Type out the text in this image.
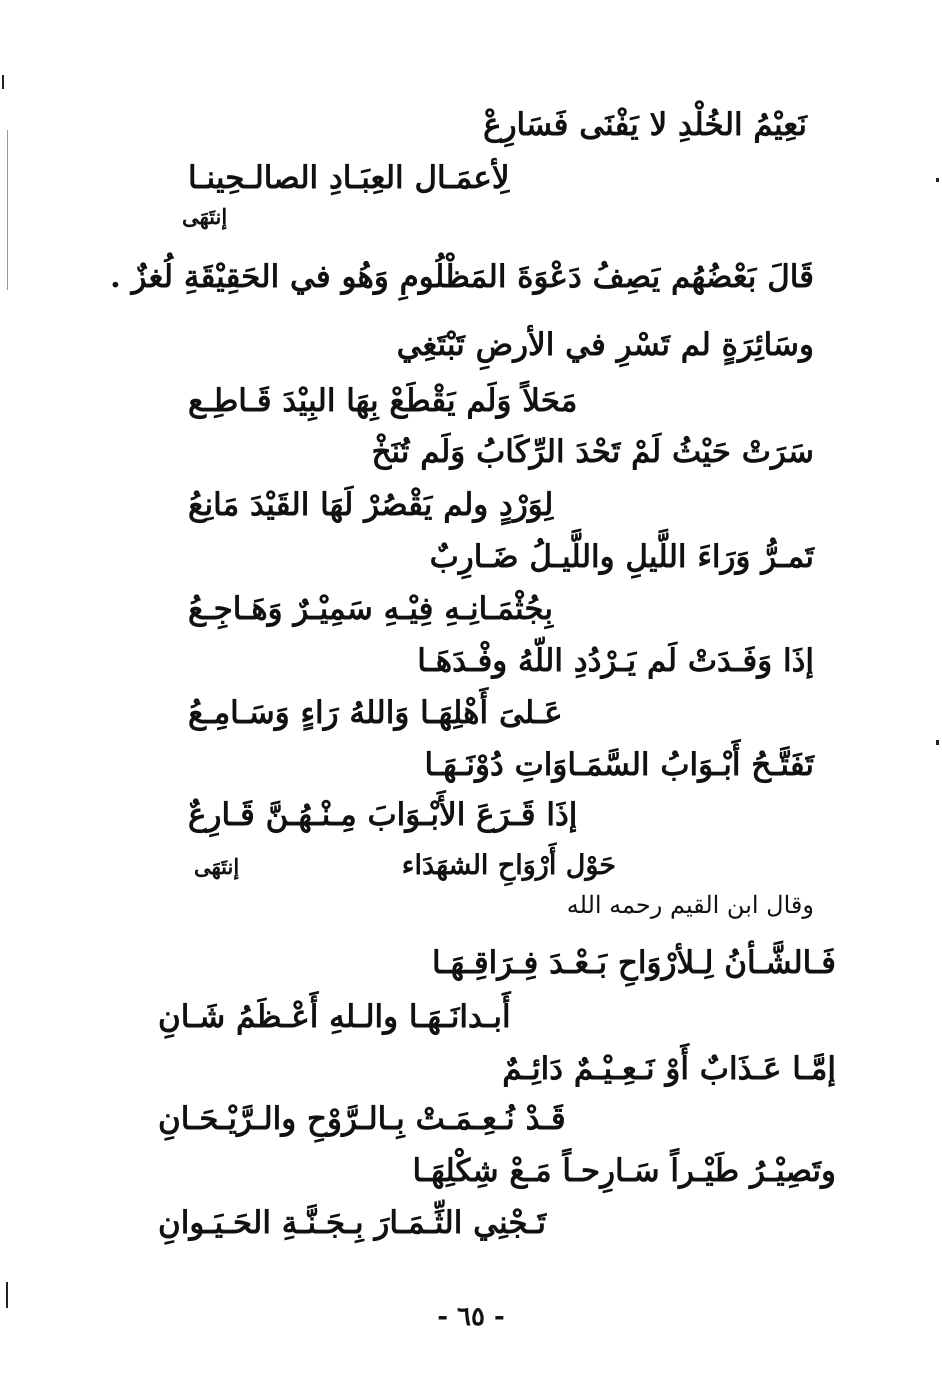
نَعِيْمُ الخُلْدِ لا يَفْنَى فَسَارِعْ
لِأعمَـال العِبَـادِ الصالـحِينـا
إنتَهَى
قَالَ بَعْضُهُم يَصِفُ دَعْوَةَ المَظْلُومِ وَهُو في الحَقِيْقَةِ لُغزٌ .
وسَائِرَةٍ لم تَسْرِ في الأرضِ تَبْتَغِي
مَحَلاً وَلَم يَقْطَعْ بِهَا البِيْدَ قَـاطِـع
سَرَتْ حَيْثُ لَمْ تَحْدَ الرِّكَابُ وَلَم تُنَخْ
لِوَرْدٍ ولم يَقْصُرْ لَهَا القَيْدَ مَانِعُ
تَمـرُّ وَرَاءَ اللَّيلِ واللَّيـلُ ضَـارِبٌ
بِجُثْمَـانِـهِ فِيْـهِ سَمِيْـرٌ وَهَـاجِـعُ
إذَا وَفَـدَتْ لَم يَـرْدُدِ اللّهُ وفْـدَهَـا
عَـلىَ أَهْلِهَـا وَاللهُ رَاءٍ وَسَـامِـعُ
تَفَتَّـحُ أَبْـوَابُ السَّمَـاوَاتِ دُوْنَـهَـا
إذَا قَـرَعَ الأَبْـوَابَ مِـنْـهُـنَّ قَـارِعٌ
حَوْل أَرْوَاحِ الشهَدَاء
إنتَهَى
وقال ابن القيم رحمه الله
فَـالشَّـأنُ لِـلأرْوَاحِ بَـعْـدَ فِـرَاقِـهَـا
أَبـدانَـهَـا والـلهِ أَعْـظَمُ شَـانِ
إمَّـا عَـذَابٌ أَوْ نَـعِـيْـمٌ دَائِـمٌ
قَـدْ نُـعِـمَـتْ بِـالـرَّوْحِ والـرَّيْـحَـانِ
وتَصِيْـرُ طَيْـراً سَـارِحـاً مَـعْ شِكْلِهَـا
تَـجْنِي الثِّـمَـارَ بِـجَـنَّـةِ الحَـيَـوانِ
- ٦٥ -
